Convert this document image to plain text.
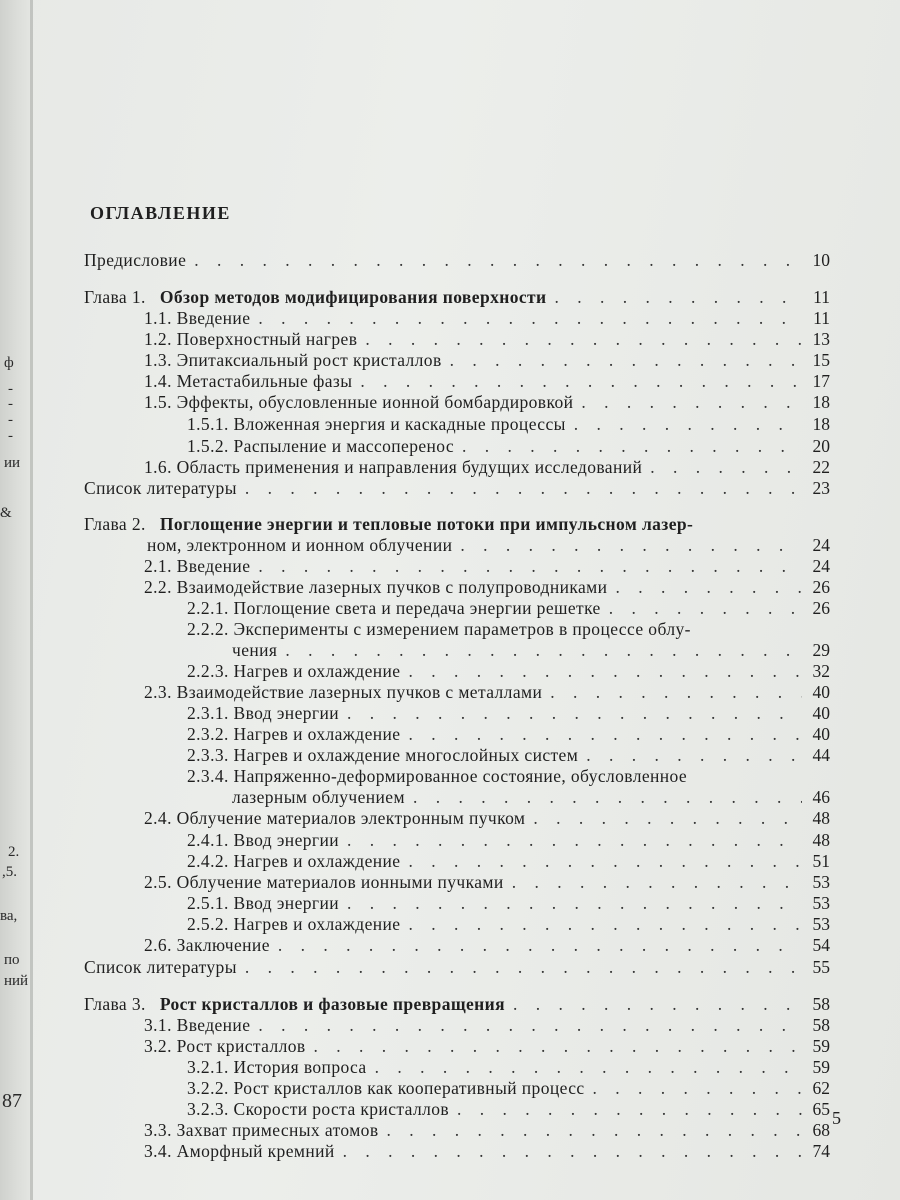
ф
-
-
-
-
ии
&
2.
,5.
ва,
по
ний
87
ОГЛАВЛЕНИЕ
Предисловие . . .	10
Глава 1. Обзор методов модифицирования поверхности . . .	11
1.1. Введение . . .	11
1.2. Поверхностный нагрев . . .	13
1.3. Эпитаксиальный рост кристаллов . . .	15
1.4. Метастабильные фазы . . .	17
1.5. Эффекты, обусловленные ионной бомбардировкой . . .	18
1.5.1. Вложенная энергия и каскадные процессы . . .	18
1.5.2. Распыление и массоперенос . . .	20
1.6. Область применения и направления будущих исследований . . .	22
Список литературы . . .	23
Глава 2. Поглощение энергии и тепловые потоки при импульсном лазер-
ном, электронном и ионном облучении . . .	24
2.1. Введение . . .	24
2.2. Взаимодействие лазерных пучков с полупроводниками . . .	26
2.2.1. Поглощение света и передача энергии решетке . . .	26
2.2.2. Эксперименты с измерением параметров в процессе облу-
чения . . .	29
2.2.3. Нагрев и охлаждение . . .	32
2.3. Взаимодействие лазерных пучков с металлами . . .	40
2.3.1. Ввод энергии . . .	40
2.3.2. Нагрев и охлаждение . . .	40
2.3.3. Нагрев и охлаждение многослойных систем . . .	44
2.3.4. Напряженно-деформированное состояние, обусловленное
лазерным облучением . . .	46
2.4. Облучение материалов электронным пучком . . .	48
2.4.1. Ввод энергии . . .	48
2.4.2. Нагрев и охлаждение . . .	51
2.5. Облучение материалов ионными пучками . . .	53
2.5.1. Ввод энергии . . .	53
2.5.2. Нагрев и охлаждение . . .	53
2.6. Заключение . . .	54
Список литературы . . .	55
Глава 3. Рост кристаллов и фазовые превращения . . .	58
3.1. Введение . . .	58
3.2. Рост кристаллов . . .	59
3.2.1. История вопроса . . .	59
3.2.2. Рост кристаллов как кооперативный процесс . . .	62
3.2.3. Скорости роста кристаллов . . .	65
3.3. Захват примесных атомов . . .	68
3.4. Аморфный кремний . . .	74
5
